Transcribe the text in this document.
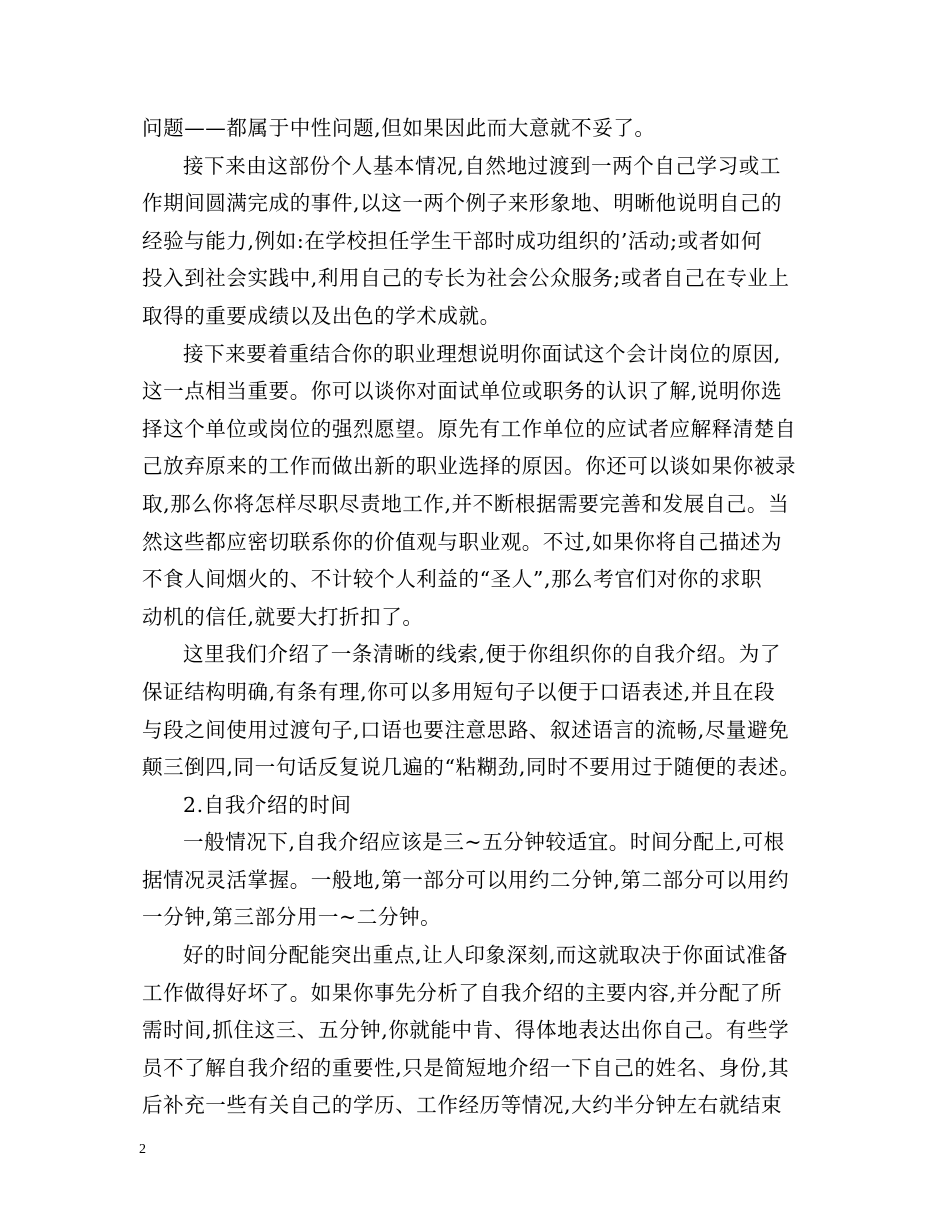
问题——都属于中性问题,但如果因此而大意就不妥了。
接下来由这部份个人基本情况,自然地过渡到一两个自己学习或工
作期间圆满完成的事件,以这一两个例子来形象地、明晰他说明自己的
经验与能力,例如:在学校担任学生干部时成功组织的’活动;或者如何
投入到社会实践中,利用自己的专长为社会公众服务;或者自己在专业上
取得的重要成绩以及出色的学术成就。
接下来要着重结合你的职业理想说明你面试这个会计岗位的原因,
这一点相当重要。你可以谈你对面试单位或职务的认识了解,说明你选
择这个单位或岗位的强烈愿望。原先有工作单位的应试者应解释清楚自
己放弃原来的工作而做出新的职业选择的原因。你还可以谈如果你被录
取,那么你将怎样尽职尽责地工作,并不断根据需要完善和发展自己。当
然这些都应密切联系你的价值观与职业观。不过,如果你将自己描述为
不食人间烟火的、不计较个人利益的“圣人”,那么考官们对你的求职
动机的信任,就要大打折扣了。
这里我们介绍了一条清晰的线索,便于你组织你的自我介绍。为了
保证结构明确,有条有理,你可以多用短句子以便于口语表述,并且在段
与段之间使用过渡句子,口语也要注意思路、叙述语言的流畅,尽量避免
颠三倒四,同一句话反复说几遍的“粘糊劲,同时不要用过于随便的表述。
2.自我介绍的时间
一般情况下,自我介绍应该是三~五分钟较适宜。时间分配上,可根
据情况灵活掌握。一般地,第一部分可以用约二分钟,第二部分可以用约
一分钟,第三部分用一~二分钟。
好的时间分配能突出重点,让人印象深刻,而这就取决于你面试准备
工作做得好坏了。如果你事先分析了自我介绍的主要内容,并分配了所
需时间,抓住这三、五分钟,你就能中肯、得体地表达出你自己。有些学
员不了解自我介绍的重要性,只是简短地介绍一下自己的姓名、身份,其
后补充一些有关自己的学历、工作经历等情况,大约半分钟左右就结束
2
